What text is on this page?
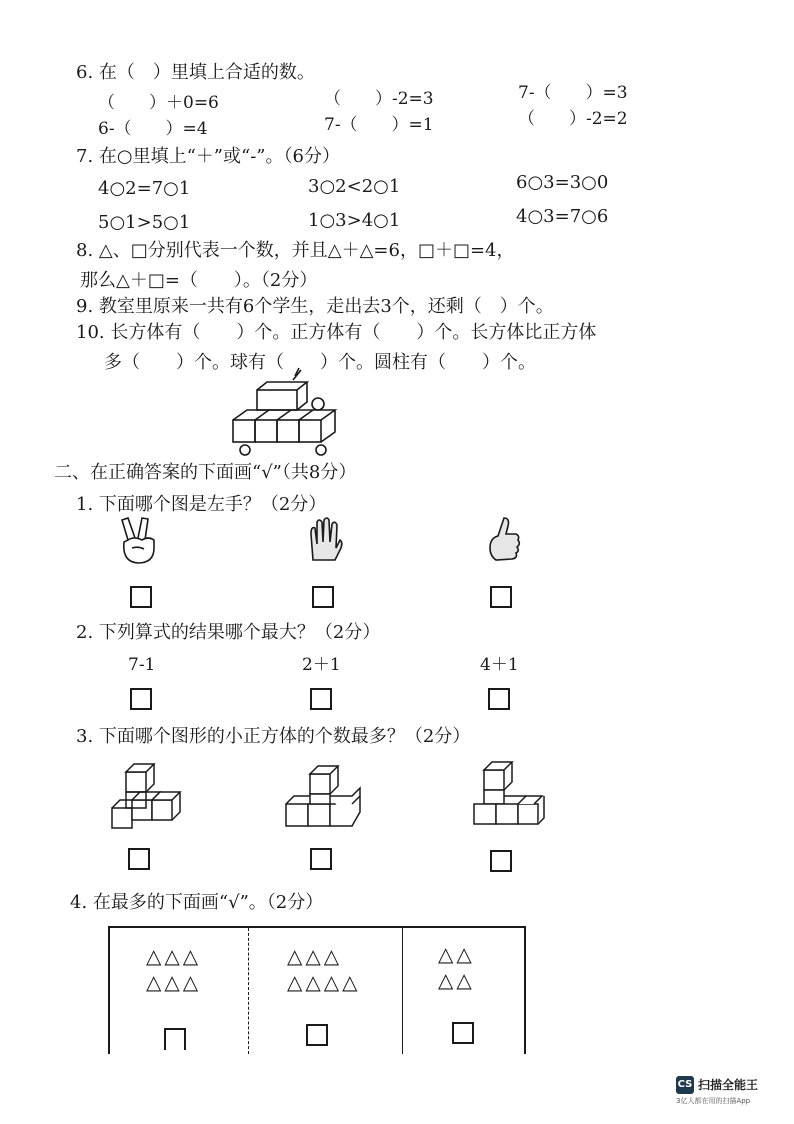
6. 在（　）里填上合适的数。
（　　）＋0=6	（　　）-2=3	7-（　　）=3
6-（　　）=4	7-（　　）=1	（　　）-2=2
7. 在○里填上“＋”或“-”。（6分）
4○2=7○1	3○2<2○1	6○3=3○0
5○1>5○1	1○3>4○1	4○3=7○6
8. △、□分别代表一个数，并且△＋△=6，□＋□=4，
那么△＋□=（　　）。（2分）
9. 教室里原来一共有6个学生，走出去3个，还剩（　）个。
10. 长方体有（　　）个。正方体有（　　）个。长方体比正方体
多（　　）个。球有（　　）个。圆柱有（　　）个。
二、在正确答案的下面画“√”（共8分）
1. 下面哪个图是左手？（2分）
2. 下列算式的结果哪个最大？（2分）
7-1	2＋1	4＋1
3. 下面哪个图形的小正方体的个数最多？（2分）
4. 在最多的下面画“√”。（2分）
△△△
△△△
△△△
△△△△
△△
△△
CS 扫描全能王
3亿人都在用的扫描App
